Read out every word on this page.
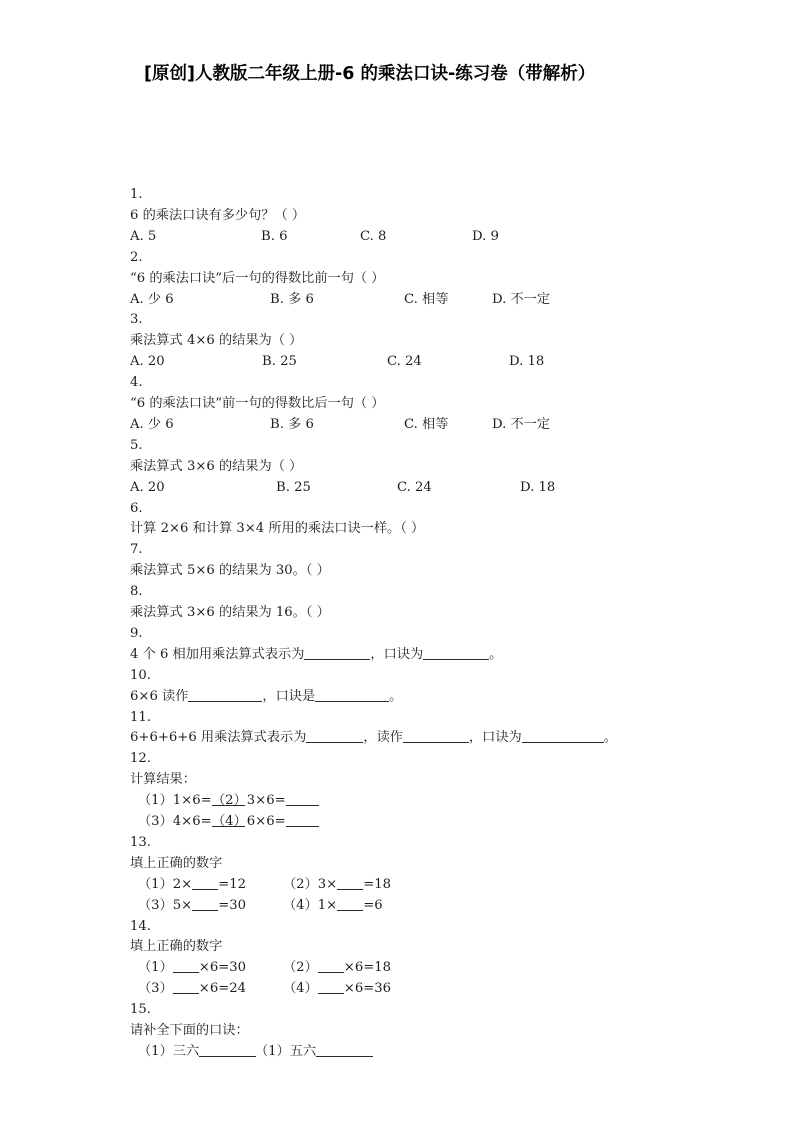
[原创]人教版二年级上册-6 的乘法口诀-练习卷（带解析）
1.
6 的乘法口诀有多少句？（ ）
A. 5	B. 6	C. 8	D. 9
2.
“6 的乘法口诀”后一句的得数比前一句（ ）
A. 少 6	B. 多 6	C. 相等	D. 不一定
3.
乘法算式 4×6 的结果为（ ）
A. 20	B. 25	C. 24	D. 18
4.
“6 的乘法口诀”前一句的得数比后一句（ ）
A. 少 6	B. 多 6	C. 相等	D. 不一定
5.
乘法算式 3×6 的结果为（ ）
A. 20	B. 25	C. 24	D. 18
6.
计算 2×6 和计算 3×4 所用的乘法口诀一样。（ ）
7.
乘法算式 5×6 的结果为 30。（ ）
8.
乘法算式 3×6 的结果为 16。（ ）
9.
4 个 6 相加用乘法算式表示为	，口诀为	。
10.
6×6 读作	，口诀是	。
11.
6+6+6+6 用乘法算式表示为	，读作	，口诀为	。
12.
计算结果：
（1）1×6= （2）3×6=
（3）4×6= （4）6×6=
13.
填上正确的数字
（1）2× =12	（2）3× =18
（3）5× =30	（4）1× =6
14.
填上正确的数字
（1） ×6=30	（2） ×6=18
（3） ×6=24	（4） ×6=36
15.
请补全下面的口诀：
（1）三六	（1）五六
